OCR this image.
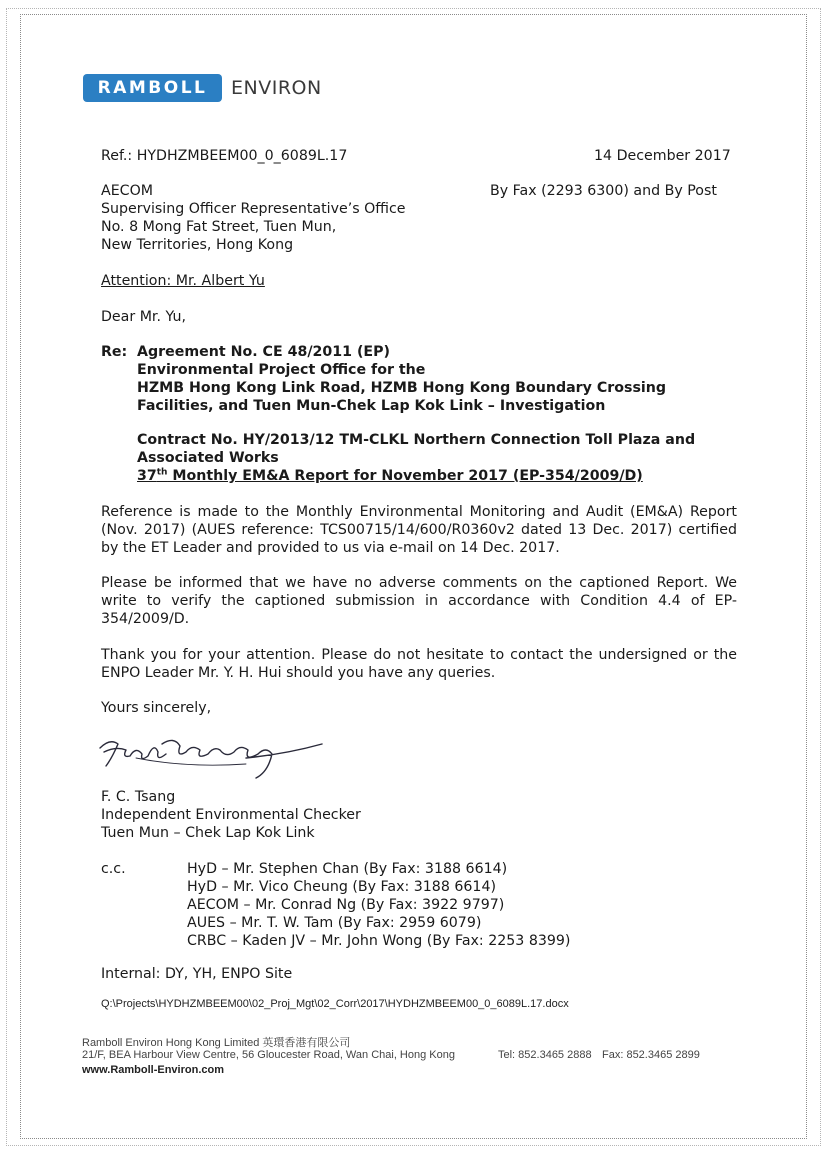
RAMBOLL	ENVIRON
Ref.: HYDHZMBEEM00_0_6089L.17	14 December 2017
AECOM
Supervising Officer Representative’s Office
No. 8 Mong Fat Street, Tuen Mun,
New Territories, Hong Kong
By Fax (2293 6300) and By Post
Attention: Mr. Albert Yu
Dear Mr. Yu,
Re: Agreement No. CE 48/2011 (EP)
Environmental Project Office for the
HZMB Hong Kong Link Road, HZMB Hong Kong Boundary Crossing
Facilities, and Tuen Mun-Chek Lap Kok Link – Investigation
Contract No. HY/2013/12 TM-CLKL Northern Connection Toll Plaza and
Associated Works
37th Monthly EM&A Report for November 2017 (EP-354/2009/D)
Reference is made to the Monthly Environmental Monitoring and Audit (EM&A) Report (Nov. 2017) (AUES reference: TCS00715/14/600/R0360v2 dated 13 Dec. 2017) certified by the ET Leader and provided to us via e-mail on 14 Dec. 2017.
Please be informed that we have no adverse comments on the captioned Report. We write to verify the captioned submission in accordance with Condition 4.4 of EP-354/2009/D.
Thank you for your attention. Please do not hesitate to contact the undersigned or the ENPO Leader Mr. Y. H. Hui should you have any queries.
Yours sincerely,
F. C. Tsang
Independent Environmental Checker
Tuen Mun – Chek Lap Kok Link
c.c.	HyD – Mr. Stephen Chan (By Fax: 3188 6614)
HyD – Mr. Vico Cheung (By Fax: 3188 6614)
AECOM – Mr. Conrad Ng (By Fax: 3922 9797)
AUES – Mr. T. W. Tam (By Fax: 2959 6079)
CRBC – Kaden JV – Mr. John Wong (By Fax: 2253 8399)
Internal: DY, YH, ENPO Site
Q:\Projects\HYDHZMBEEM00\02_Proj_Mgt\02_Corr\2017\HYDHZMBEEM00_0_6089L.17.docx
Ramboll Environ Hong Kong Limited 英環香港有限公司
21/F, BEA Harbour View Centre, 56 Gloucester Road, Wan Chai, Hong Kong	Tel: 852.3465 2888 Fax: 852.3465 2899
www.Ramboll-Environ.com
